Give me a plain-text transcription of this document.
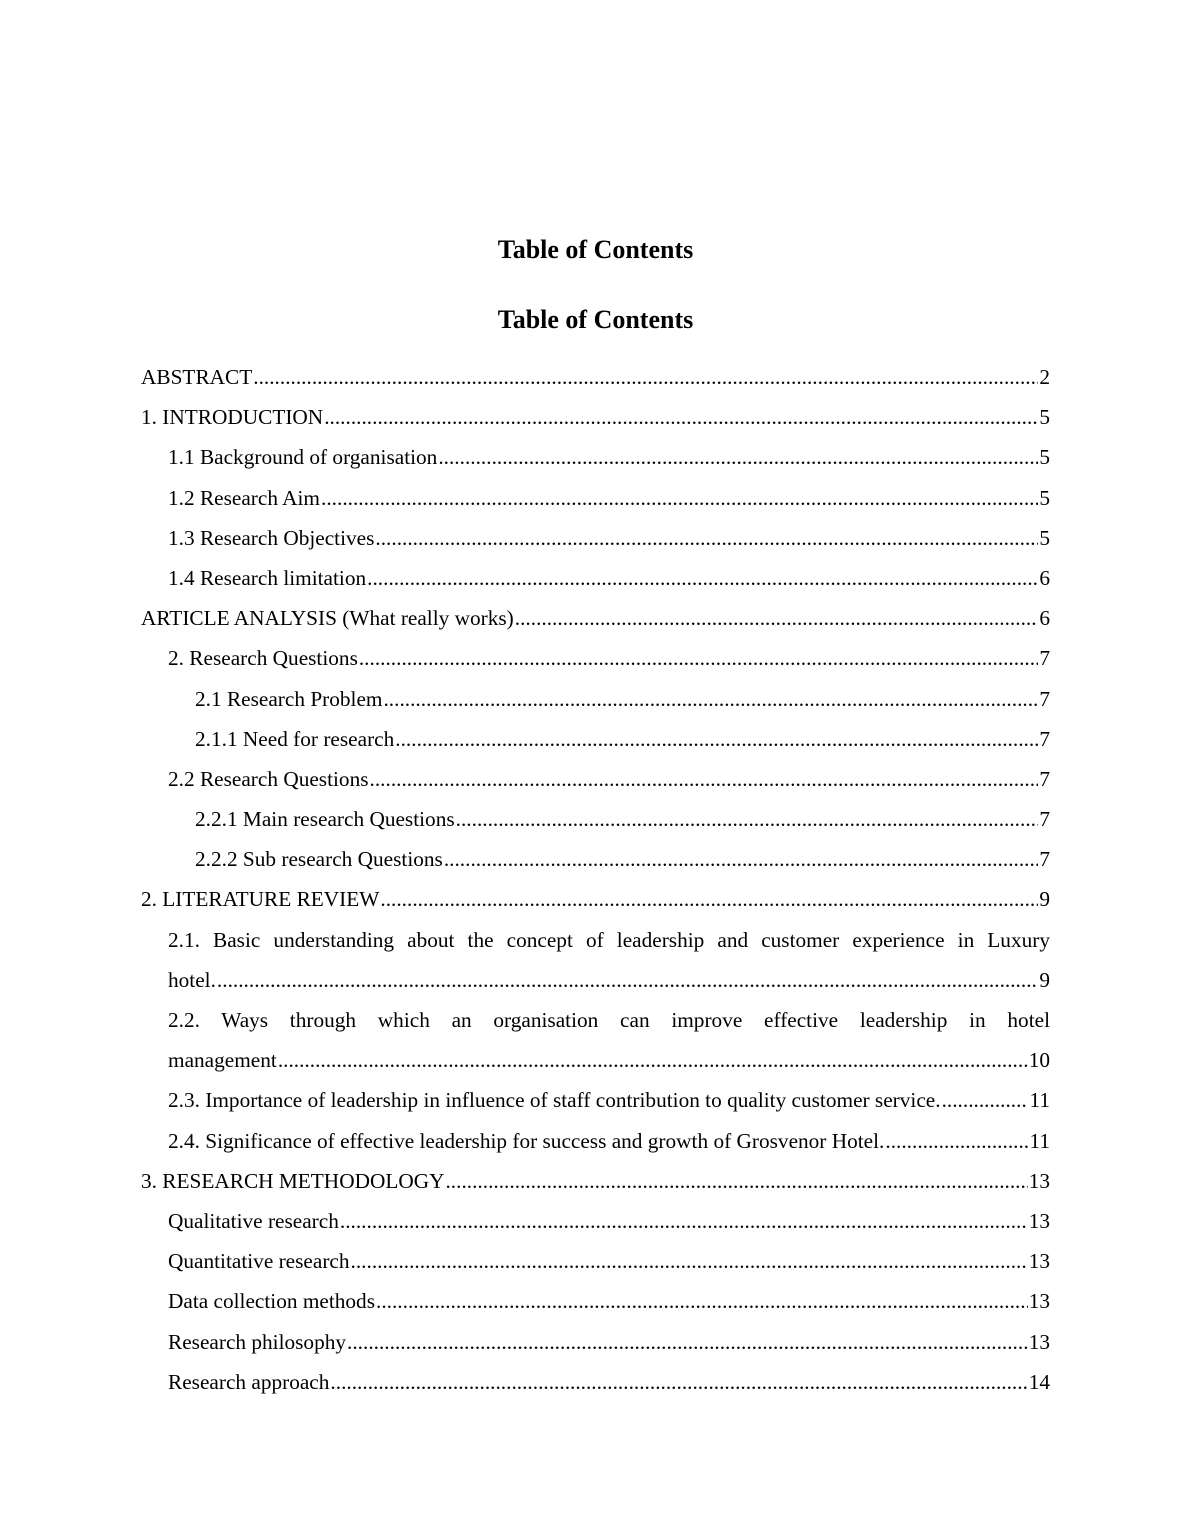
Table of Contents
Table of Contents
ABSTRACT .....	2
1. INTRODUCTION .....	5
1.1 Background of organisation .....	5
1.2 Research Aim .....	5
1.3 Research Objectives .....	5
1.4 Research limitation .....	6
ARTICLE ANALYSIS (What really works) .....	6
2. Research Questions .....	7
2.1 Research Problem .....	7
2.1.1 Need for research .....	7
2.2 Research Questions .....	7
2.2.1 Main research Questions .....	7
2.2.2 Sub research Questions .....	7
2. LITERATURE REVIEW .....	9
2.1. Basic understanding about the concept of leadership and customer experience in Luxury
hotel. .....	9
2.2. Ways through which an organisation can improve effective leadership in hotel
management .....	10
2.3. Importance of leadership in influence of staff contribution to quality customer service. .....	11
2.4. Significance of effective leadership for success and growth of Grosvenor Hotel. .....	11
3. RESEARCH METHODOLOGY .....	13
Qualitative research .....	13
Quantitative research .....	13
Data collection methods .....	13
Research philosophy .....	13
Research approach .....	14
